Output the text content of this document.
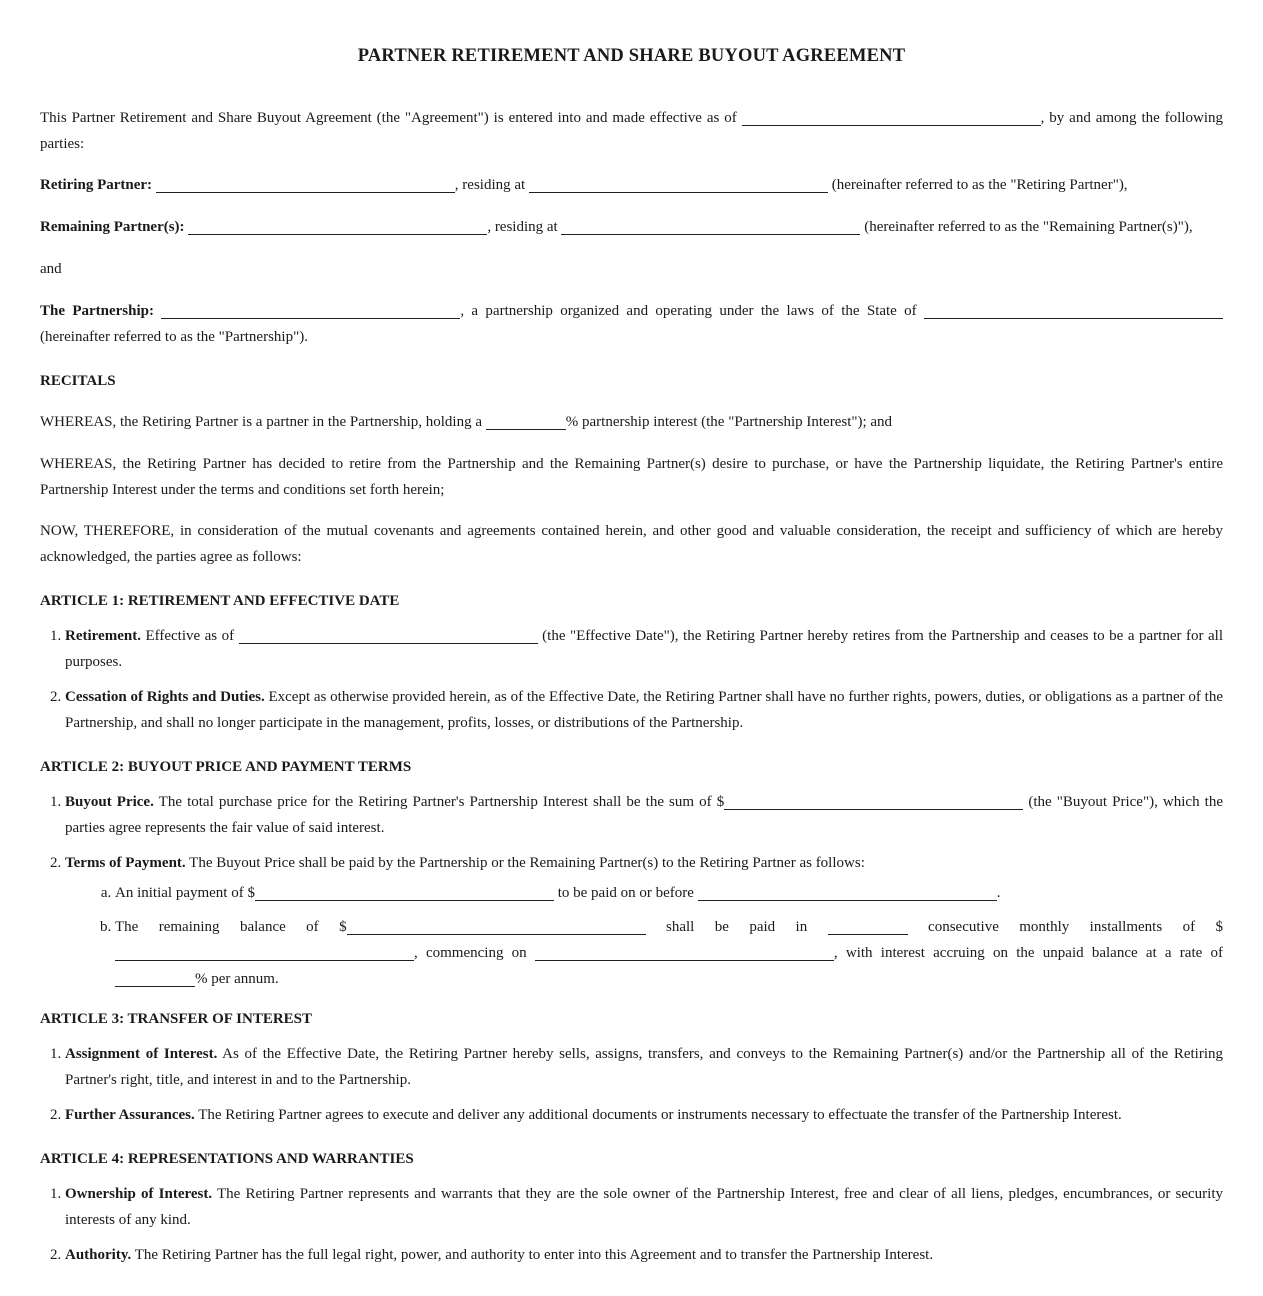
PARTNER RETIREMENT AND SHARE BUYOUT AGREEMENT

This Partner Retirement and Share Buyout Agreement (the "Agreement") is entered into and made effective as of	, by and among the following parties:

Retiring Partner:	, residing at	(hereinafter referred to as the "Retiring Partner"),

Remaining Partner(s):	, residing at	(hereinafter referred to as the "Remaining Partner(s)"),

and

The Partnership:	, a partnership organized and operating under the laws of the State of  (hereinafter referred to as the "Partnership").

RECITALS

WHEREAS, the Retiring Partner is a partner in the Partnership, holding a	% partnership interest (the "Partnership Interest"); and

WHEREAS, the Retiring Partner has decided to retire from the Partnership and the Remaining Partner(s) desire to purchase, or have the Partnership liquidate, the Retiring Partner's entire Partnership Interest under the terms and conditions set forth herein;

NOW, THEREFORE, in consideration of the mutual covenants and agreements contained herein, and other good and valuable consideration, the receipt and sufficiency of which are hereby acknowledged, the parties agree as follows:

ARTICLE 1: RETIREMENT AND EFFECTIVE DATE
1. Retirement. Effective as of	(the "Effective Date"), the Retiring Partner hereby retires from the Partnership and ceases to be a partner for all purposes.
2. Cessation of Rights and Duties. Except as otherwise provided herein, as of the Effective Date, the Retiring Partner shall have no further rights, powers, duties, or obligations as a partner of the Partnership, and shall no longer participate in the management, profits, losses, or distributions of the Partnership.
ARTICLE 2: BUYOUT PRICE AND PAYMENT TERMS
1. Buyout Price. The total purchase price for the Retiring Partner's Partnership Interest shall be the sum of $	(the "Buyout Price"), which the parties agree represents the fair value of said interest.
2. Terms of Payment. The Buyout Price shall be paid by the Partnership or the Remaining Partner(s) to the Retiring Partner as follows:
a. An initial payment of $	to be paid on or before	.
b. The remaining balance of $	shall be paid in	consecutive monthly installments of $, commencing on	, with interest accruing on the unpaid balance at a rate of % per annum.
ARTICLE 3: TRANSFER OF INTEREST
1. Assignment of Interest. As of the Effective Date, the Retiring Partner hereby sells, assigns, transfers, and conveys to the Remaining Partner(s) and/or the Partnership all of the Retiring Partner's right, title, and interest in and to the Partnership.
2. Further Assurances. The Retiring Partner agrees to execute and deliver any additional documents or instruments necessary to effectuate the transfer of the Partnership Interest.
ARTICLE 4: REPRESENTATIONS AND WARRANTIES
1. Ownership of Interest. The Retiring Partner represents and warrants that they are the sole owner of the Partnership Interest, free and clear of all liens, pledges, encumbrances, or security interests of any kind.
2. Authority. The Retiring Partner has the full legal right, power, and authority to enter into this Agreement and to transfer the Partnership Interest.
